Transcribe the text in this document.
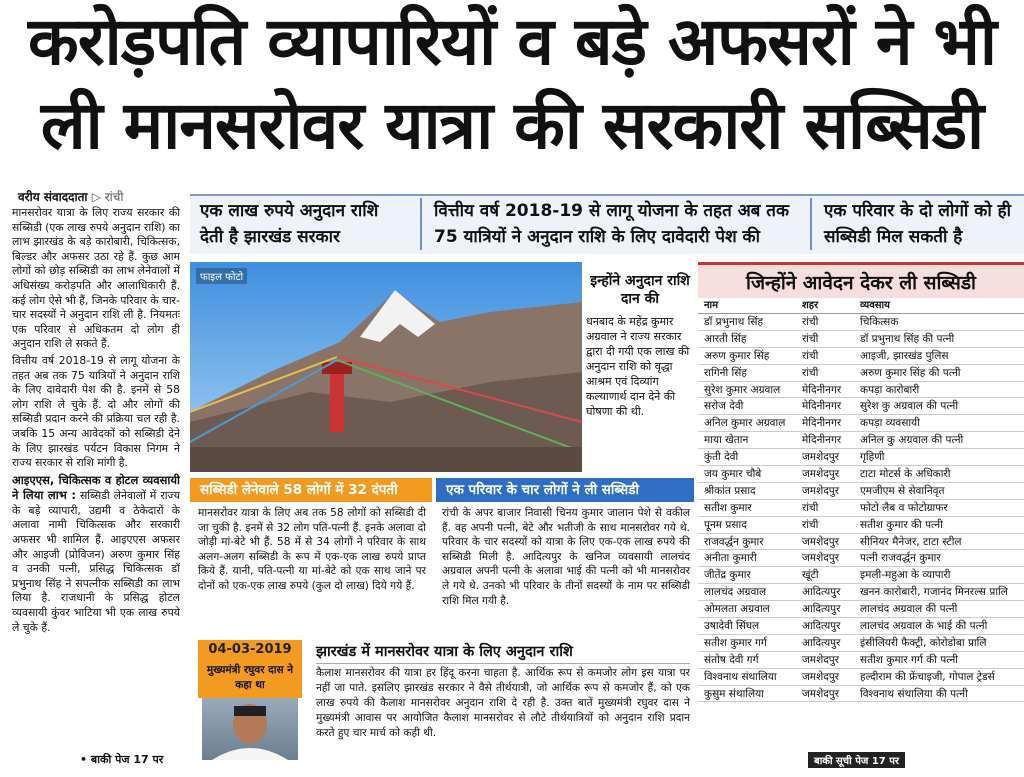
करोड़पति व्यापारियों व बड़े अफसरों ने भी
ली मानसरोवर यात्रा की सरकारी सब्सिडी
वरीय संवाददाता ▷ रांची

मानसरोवर यात्रा के लिए राज्य सरकार की सब्सिडी (एक लाख रुपये अनुदान राशि) का लाभ झारखंड के बड़े कारोबारी, चिकित्सक, बिल्डर और अफसर उठा रहे हैं. कुछ आम लोगों को छोड़ सब्सिडी का लाभ लेनेवालों में अधिसंख्य करोड़पति और आलाधिकारी हैं. कई लोग ऐसे भी हैं, जिनके परिवार के चार-चार सदस्यों ने अनुदान राशि ली है. नियमतः एक परिवार से अधिकतम दो लोग ही अनुदान राशि ले सकते हैं.

वित्तीय वर्ष 2018-19 से लागू योजना के तहत अब तक 75 यात्रियों ने अनुदान राशि के लिए दावेदारी पेश की है. इनमें से 58 लोग राशि ले चुके हैं. दो और लोगों की सब्सिडी प्रदान करने की प्रक्रिया चल रही है. जबकि 15 अन्य आवेदकों को सब्सिडी देने के लिए झारखंड पर्यटन विकास निगम ने राज्य सरकार से राशि मांगी है.

आइएएस, चिकित्सक व होटल व्यवसायी ने लिया लाभ : सब्सिडी लेनेवालों में राज्य के बड़े व्यापारी, उद्यमी व ठेकेदारों के अलावा नामी चिकित्सक और सरकारी अफसर भी शामिल हैं. आइएएस अफसर और आइजी (प्रोविजन) अरुण कुमार सिंह व उनकी पत्नी, प्रसिद्ध चिकित्सक डॉ प्रभुनाथ सिंह ने सपत्नीक सब्सिडी का लाभ लिया है. राजधानी के प्रसिद्ध होटल व्यवसायी कुंवर भाटिया भी एक लाख रुपये ले चुके हैं.

• बाकी पेज 17 पर
एक लाख रुपये अनुदान राशि देती है झारखंड सरकार
वित्तीय वर्ष 2018-19 से लागू योजना के तहत अब तक 75 यात्रियों ने अनुदान राशि के लिए दावेदारी पेश की
एक परिवार के दो लोगों को ही सब्सिडी मिल सकती है
फाइल फोटो	इन्होंने अनुदान राशि दान की

धनबाद के महेंद्र कुमार अग्रवाल ने राज्य सरकार द्वारा दी गयी एक लाख की अनुदान राशि को वृद्धा आश्रम एवं दिव्यांग कल्याणार्थ दान देने की घोषणा की थी.

सब्सिडी लेनेवाले 58 लोगों में 32 दंपती
मानसरोवर यात्रा के लिए अब तक 58 लोगों को सब्सिडी दी जा चुकी है. इनमें से 32 लोग पति-पत्नी हैं. इनके अलावा दो जोड़ी मां-बेटे भी हैं. 58 में से 34 लोगों ने परिवार के साथ अलग-अलग सब्सिडी के रूप में एक-एक लाख रुपये प्राप्त किये हैं. यानी, पति-पत्नी या मां-बेटे को एक साथ जाने पर दोनों को एक-एक लाख रुपये (कुल दो लाख) दिये गये हैं.
एक परिवार के चार लोगों ने ली सब्सिडी
रांची के अपर बाजार निवासी चिनय कुमार जालान पेशे से वकील हैं. वह अपनी पत्नी, बेटे और भतीजी के साथ मानसरोवर गये थे. परिवार के चार सदस्यों को यात्रा के लिए एक-एक लाख रुपये की सब्सिडी मिली है. आदित्यपुर के खनिज व्यवसायी लालचंद अग्रवाल अपनी पत्नी के अलावा भाई की पत्नी को भी मानसरोवर ले गये थे. उनको भी परिवार के तीनों सदस्यों के नाम पर सब्सिडी राशि मिल गयी है.
04-03-2019
मुख्यमंत्री रघुवर दास ने कहा था
झारखंड में मानसरोवर यात्रा के लिए अनुदान राशि
कैलाश मानसरोवर की यात्रा हर हिंदू करना चाहता है. आर्थिक रूप से कमजोर लोग इस यात्रा पर नहीं जा पाते. इसलिए झारखंड सरकार ने वैसे तीर्थयात्री, जो आर्थिक रूप से कमजोर हैं, को एक लाख रुपये की कैलाश मानसरोवर अनुदान राशि दे रही है. उक्त बातें मुख्यमंत्री रघुवर दास ने मुख्यमंत्री आवास पर आयोजित कैलाश मानसरोवर से लौटे तीर्थयात्रियों को अनुदान राशि प्रदान करते हुए चार मार्च को कही थी.
जिन्होंने आवेदन देकर ली सब्सिडी
नाम	शहर	व्यवसाय
डॉ प्रभुनाथ सिंह	रांची	चिकित्सक
आरती सिंह	रांची	डॉ प्रभुनाथ सिंह की पत्नी
अरुण कुमार सिंह	रांची	आइजी, झारखंड पुलिस
रागिनी सिंह	रांची	अरुण कुमार सिंह की पत्नी
सुरेश कुमार अग्रवाल	मेदिनीनगर	कपड़ा कारोबारी
सरोज देवी	मेदिनीनगर	सुरेश कु अग्रवाल की पत्नी
अनिल कुमार अग्रवाल	मेदिनीनगर	कपड़ा व्यवसायी
माया खेतान	मेदिनीनगर	अनिल कु अग्रवाल की पत्नी
कुंती देवी	जमशेदपुर	गृहिणी
जय कुमार चौबे	जमशेदपुर	टाटा मोटर्स के अधिकारी
श्रीकांत प्रसाद	जमशेदपुर	एमजीएम से सेवानिवृत
सतीश कुमार	रांची	फोटो लैब व फोटोग्राफर
पूनम प्रसाद	रांची	सतीश कुमार की पत्नी
राजवर्द्धन कुमार	जमशेदपुर	सीनियर मैनेजर, टाटा स्टील
अनीता कुमारी	जमशेदपुर	पत्नी राजवर्द्धन कुमार
जीतेंद्र कुमार	खूंटी	इमली-महुआ के व्यापारी
लालचंद अग्रवाल	आदित्यपुर	खनन कारोबारी, गजानंद मिनरल्स प्रालि
ओमलता अग्रवाल	आदित्यपुर	लालचंद अग्रवाल की पत्नी
उषादेवी सिंघल	आदित्यपुर	लालचंद अग्रवाल के भाई की पत्नी
सतीश कुमार गर्ग	आदित्यपुर	इंसीलियरी फैक्ट्री, कोरोडोबा प्रालि
संतोष देवी गर्ग	जमशेदपुर	सतीश कुमार गर्ग की पत्नी
विश्वनाथ संथालिया	जमशेदपुर	हल्दीराम की फ्रेंचाइजी, गोपाल ट्रेडर्स
कुसुम संथालिया	जमशेदपुर	विश्वनाथ संथालिया की पत्नी
बाकी सूची पेज 17 पर
